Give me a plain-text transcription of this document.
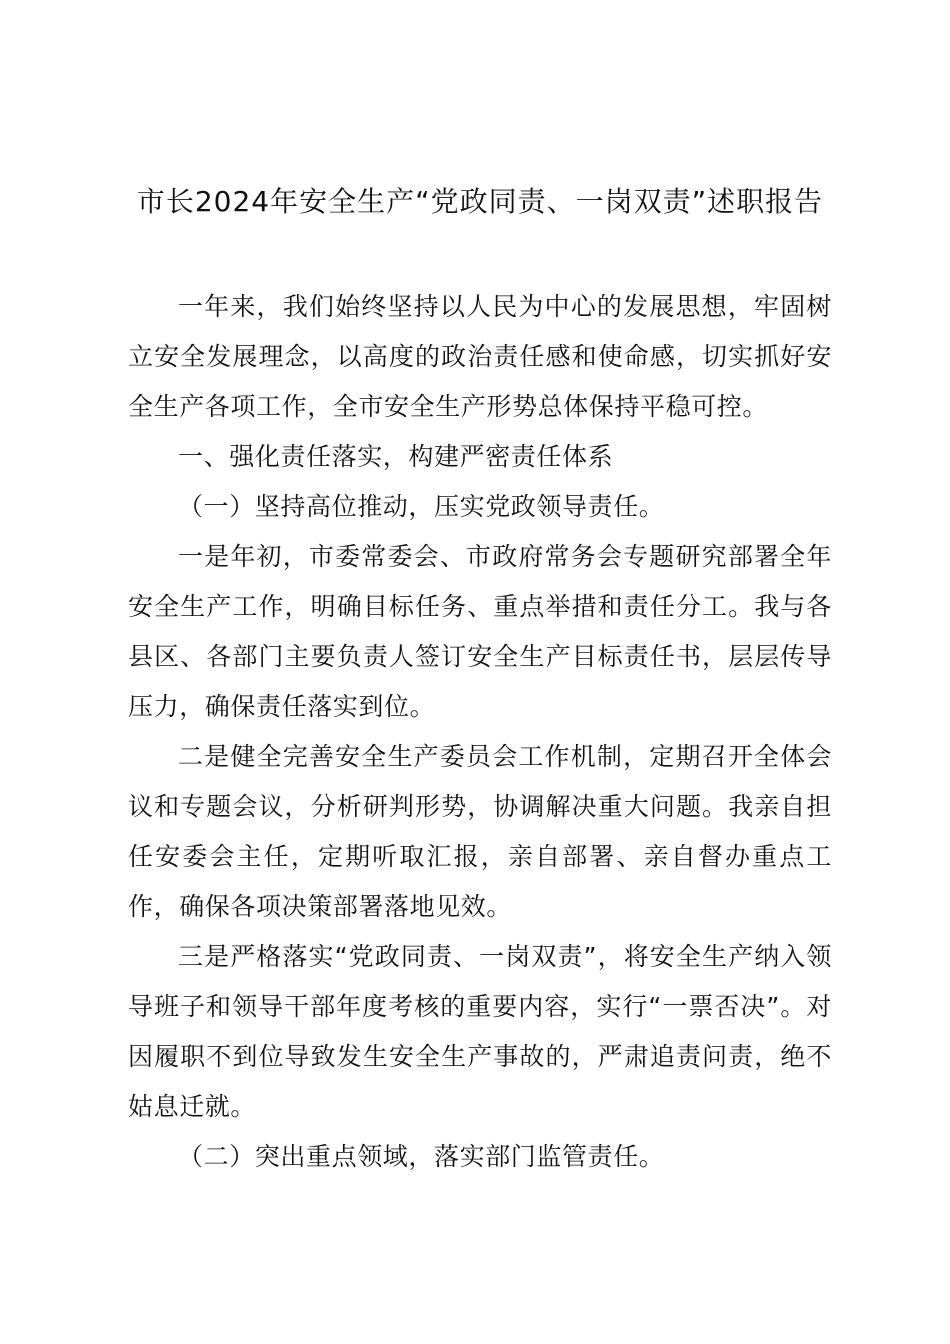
市长2024年安全生产“党政同责、一岗双责”述职报告

一年来，我们始终坚持以人民为中心的发展思想，牢固树立安全发展理念，以高度的政治责任感和使命感，切实抓好安全生产各项工作，全市安全生产形势总体保持平稳可控。

一、强化责任落实，构建严密责任体系

（一）坚持高位推动，压实党政领导责任。

一是年初，市委常委会、市政府常务会专题研究部署全年安全生产工作，明确目标任务、重点举措和责任分工。我与各县区、各部门主要负责人签订安全生产目标责任书，层层传导压力，确保责任落实到位。

二是健全完善安全生产委员会工作机制，定期召开全体会议和专题会议，分析研判形势，协调解决重大问题。我亲自担任安委会主任，定期听取汇报，亲自部署、亲自督办重点工作，确保各项决策部署落地见效。

三是严格落实“党政同责、一岗双责”，将安全生产纳入领导班子和领导干部年度考核的重要内容，实行“一票否决”。对因履职不到位导致发生安全生产事故的，严肃追责问责，绝不姑息迁就。

（二）突出重点领域，落实部门监管责任。
